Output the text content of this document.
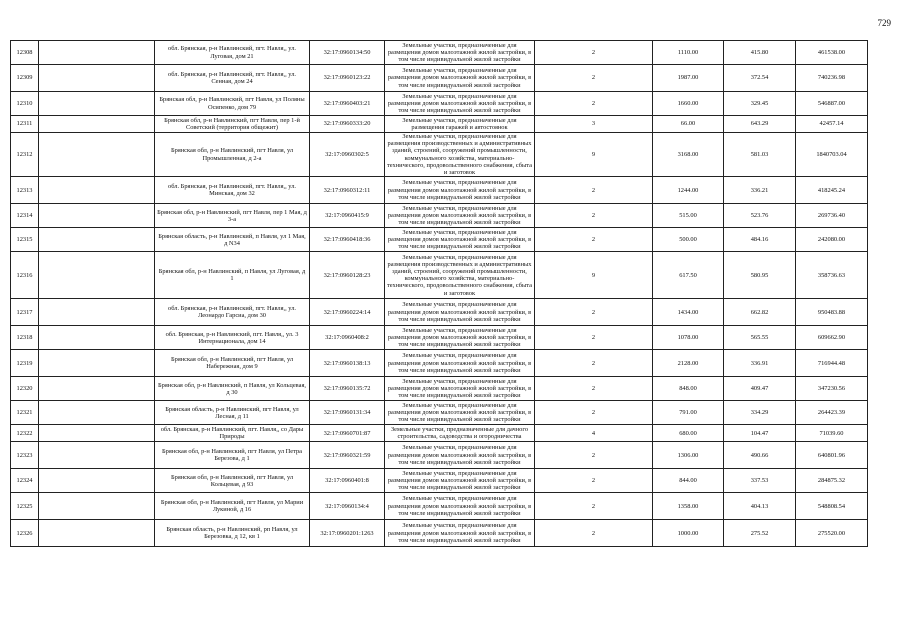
729
12308		обл. Брянская, р-н Навлинский, пгт. Навля,, ул. Луговая, дом 21	32:17:0960134:50	Земельные участки, предназначенные для размещения домов малоэтажной жилой застройки, в том числе индивидуальной жилой застройки	2	1110.00	415.80	461538.00
12309		обл. Брянская, р-н Навлинский, пгт. Навля,, ул. Сенная, дом 24	32:17:0960123:22	Земельные участки, предназначенные для размещения домов малоэтажной жилой застройки, в том числе индивидуальной жилой застройки	2	1987.00	372.54	740236.98
12310		Брянская обл, р-н Навлинский, пгт Навля, ул Поляны Осипенко, дом 79	32:17:0960403:21	Земельные участки, предназначенные для размещения домов малоэтажной жилой застройки, в том числе индивидуальной жилой застройки	2	1660.00	329.45	546887.00
12311		Брянская обл, р-н Навлинский, пгт Навля, пер 1-й Советский (территория общежит)	32:17:0960333:20	Земельные участки, предназначенные для размещения гаражей и автостоянок	3	66.00	643.29	42457.14
12312		Брянская обл, р-н Навлинский, пгт Навля, ул Промышленная, д 2-а	32:17:0960302:5	Земельные участки, предназначенные для размещения производственных и административных зданий, строений, сооружений промышленности, коммунального хозяйства, материально-технического, продовольственного снабжения, сбыта и заготовок	9	3168.00	581.03	1840703.04
12313		обл. Брянская, р-н Навлинский, пгт. Навля,, ул. Минская, дом 32	32:17:0960312:11	Земельные участки, предназначенные для размещения домов малоэтажной жилой застройки, в том числе индивидуальной жилой застройки	2	1244.00	336.21	418245.24
12314		Брянская обл, р-н Навлинский, пгт Навля, пер 1 Мая, д 3-а	32:17:0960415:9	Земельные участки, предназначенные для размещения домов малоэтажной жилой застройки, в том числе индивидуальной жилой застройки	2	515.00	523.76	269736.40
12315		Брянская область, р-н Навлинский, п Навля, ул 1 Мая, д N34	32:17:0960418:36	Земельные участки, предназначенные для размещения домов малоэтажной жилой застройки, в том числе индивидуальной жилой застройки	2	500.00	484.16	242080.00
12316		Брянская обл, р-н Навлинский, п Навля, ул Луговая, д 1	32:17:0960128:23	Земельные участки, предназначенные для размещения производственных и административных зданий, строений, сооружений промышленности, коммунального хозяйства, материально-технического, продовольственного снабжения, сбыта и заготовок	9	617.50	580.95	358736.63
12317		обл. Брянская, р-н Навлинский, пгт. Навля,, ул. Леонардо Гарсиа, дом 30	32:17:0960224:14	Земельные участки, предназначенные для размещения домов малоэтажной жилой застройки, в том числе индивидуальной жилой застройки	2	1434.00	662.82	950483.88
12318		обл. Брянская, р-н Навлинский, пгт. Навля,, ул. 3 Интернационала, дом 14	32:17:0960408:2	Земельные участки, предназначенные для размещения домов малоэтажной жилой застройки, в том числе индивидуальной жилой застройки	2	1078.00	565.55	609662.90
12319		Брянская обл, р-н Навлинский, пгт Навля, ул Набережная, дом 9	32:17:0960138:13	Земельные участки, предназначенные для размещения домов малоэтажной жилой застройки, в том числе индивидуальной жилой застройки	2	2128.00	336.91	716944.48
12320		Брянская обл, р-н Навлинский, п Навля, ул Кольцевая, д 30	32:17:0960135:72	Земельные участки, предназначенные для размещения домов малоэтажной жилой застройки, в том числе индивидуальной жилой застройки	2	848.00	409.47	347230.56
12321		Брянская область, р-н Навлинский, пгт Навля, ул Лесная, д 11	32:17:0960131:34	Земельные участки, предназначенные для размещения домов малоэтажной жилой застройки, в том числе индивидуальной жилой застройки	2	791.00	334.29	264423.39
12322		обл. Брянская, р-н Навлинский, пгт. Навля,, со Дары Природы	32:17:0960701:87	Земельные участки, предназначенные для дачного строительства, садоводства и огородничества	4	680.00	104.47	71039.60
12323		Брянская обл, р-н Навлинский, пгт Навля, ул Петра Березова, д 1	32:17:0960321:59	Земельные участки, предназначенные для размещения домов малоэтажной жилой застройки, в том числе индивидуальной жилой застройки	2	1306.00	490.66	640801.96
12324		Брянская обл, р-н Навлинский, пгт Навля, ул Кольцевая, д 93	32:17:0960401:8	Земельные участки, предназначенные для размещения домов малоэтажной жилой застройки, в том числе индивидуальной жилой застройки	2	844.00	337.53	284875.32
12325		Брянская обл, р-н Навлинский, пгт Навля, ул Марии Лукиной, д 16	32:17:0960134:4	Земельные участки, предназначенные для размещения домов малоэтажной жилой застройки, в том числе индивидуальной жилой застройки	2	1358.00	404.13	548808.54
12326		Брянская область, р-н Навлинский, рп Навля, ул Березовка, д 12, кв 1	32:17:0960201:1263	Земельные участки, предназначенные для размещения домов малоэтажной жилой застройки, в том числе индивидуальной жилой застройки	2	1000.00	275.52	275520.00
